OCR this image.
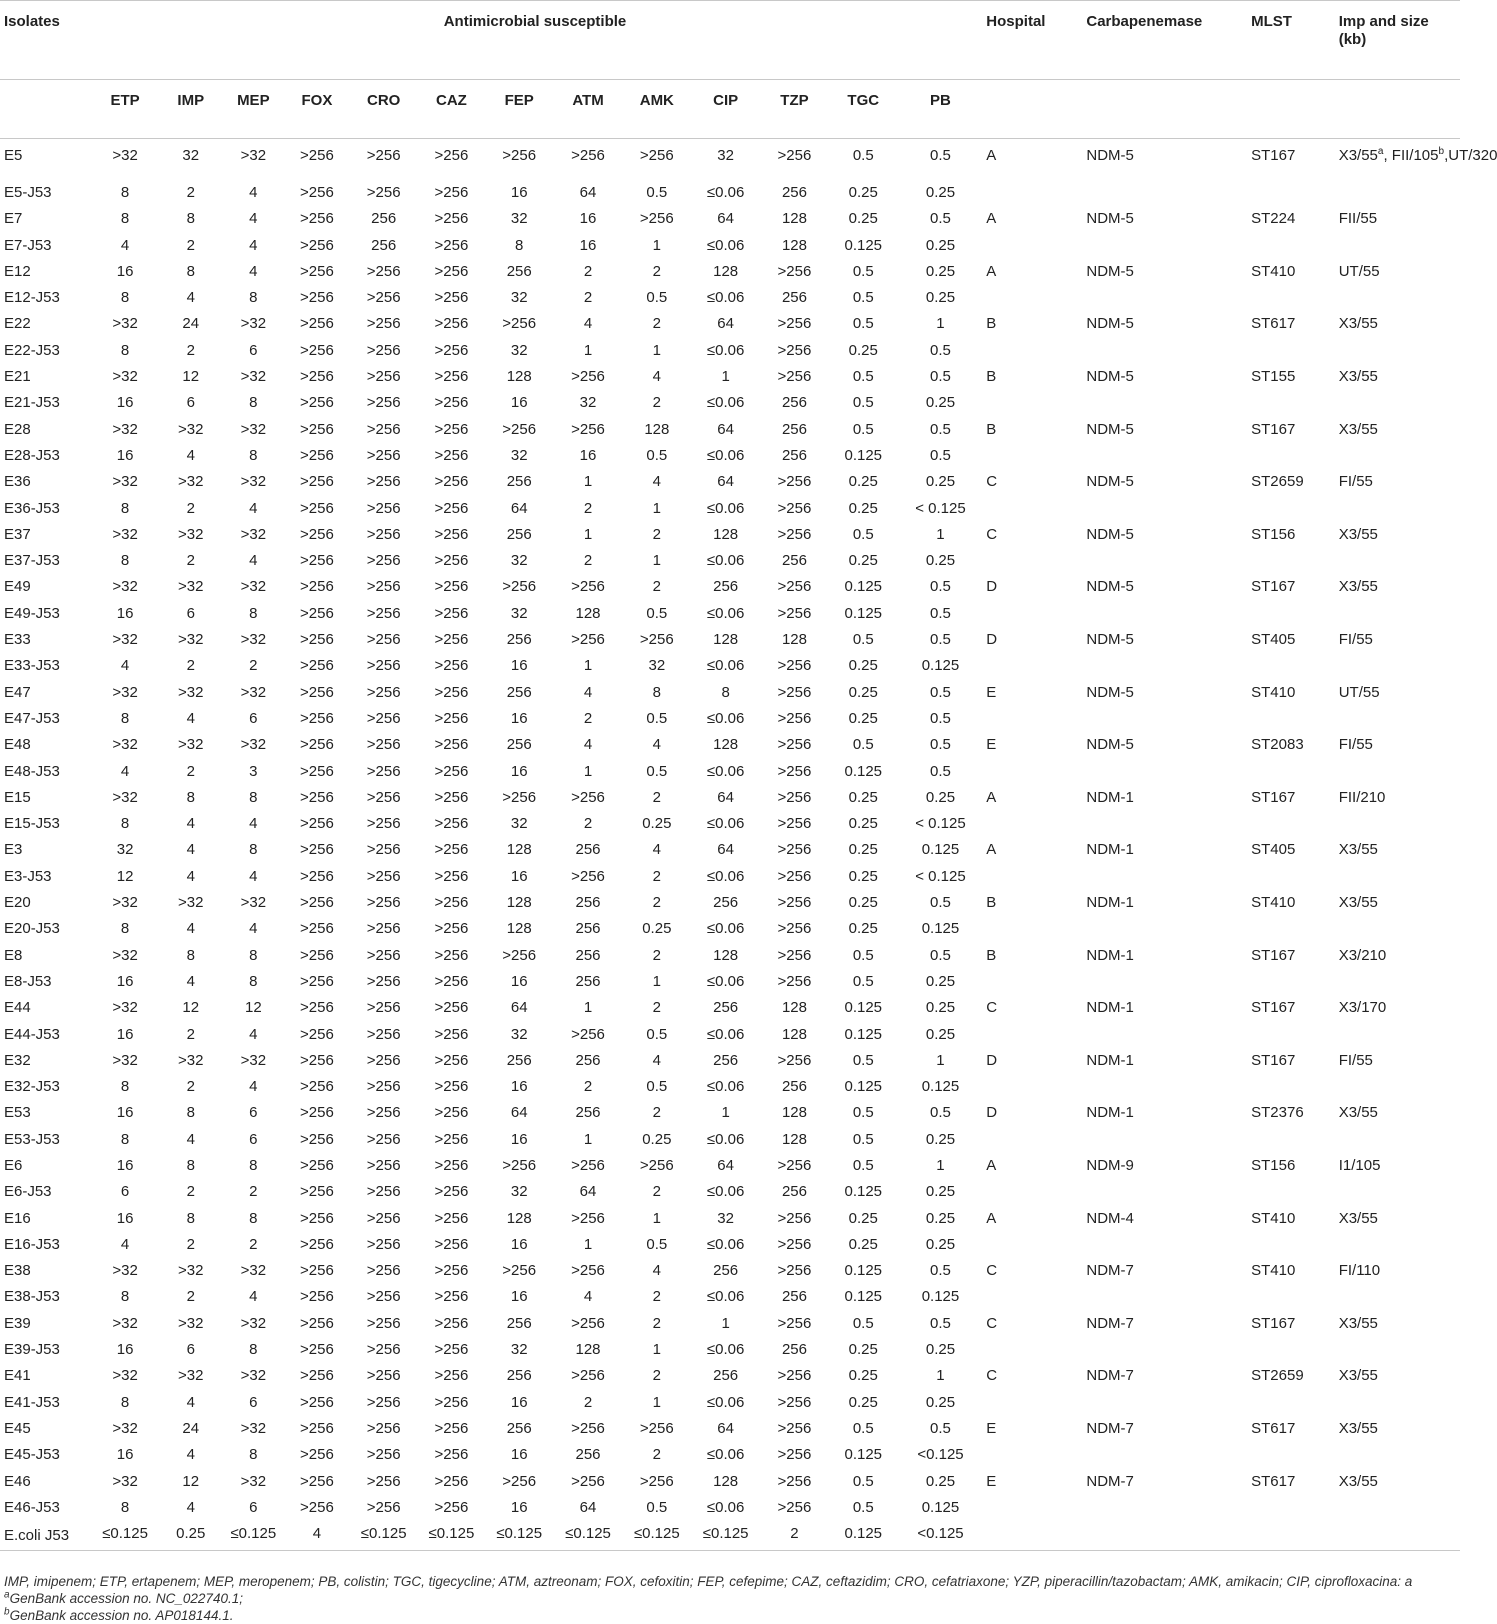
Isolates	Antimicrobial susceptible													Hospital	Carbapenemase	MLST	Imp and size
(kb)
	ETP	IMP	MEP	FOX	CRO	CAZ	FEP	ATM	AMK	CIP	TZP	TGC	PB				
E5	>32	32	>32	>256	>256	>256	>256	>256	>256	32	>256	0.5	0.5	A	NDM-5	ST167	X3/55$^a$, FII/105$^b$,UT/320
E5-J53	8	2	4	>256	>256	>256	16	64	0.5	≤0.06	256	0.25	0.25				
E7	8	8	4	>256	256	>256	32	16	>256	64	128	0.25	0.5	A	NDM-5	ST224	FII/55
E7-J53	4	2	4	>256	256	>256	8	16	1	≤0.06	128	0.125	0.25				
E12	16	8	4	>256	>256	>256	256	2	2	128	>256	0.5	0.25	A	NDM-5	ST410	UT/55
E12-J53	8	4	8	>256	>256	>256	32	2	0.5	≤0.06	256	0.5	0.25				
E22	>32	24	>32	>256	>256	>256	>256	4	2	64	>256	0.5	1	B	NDM-5	ST617	X3/55
E22-J53	8	2	6	>256	>256	>256	32	1	1	≤0.06	>256	0.25	0.5				
E21	>32	12	>32	>256	>256	>256	128	>256	4	1	>256	0.5	0.5	B	NDM-5	ST155	X3/55
E21-J53	16	6	8	>256	>256	>256	16	32	2	≤0.06	256	0.5	0.25				
E28	>32	>32	>32	>256	>256	>256	>256	>256	128	64	256	0.5	0.5	B	NDM-5	ST167	X3/55
E28-J53	16	4	8	>256	>256	>256	32	16	0.5	≤0.06	256	0.125	0.5				
E36	>32	>32	>32	>256	>256	>256	256	1	4	64	>256	0.25	0.25	C	NDM-5	ST2659	FI/55
E36-J53	8	2	4	>256	>256	>256	64	2	1	≤0.06	>256	0.25	< 0.125				
E37	>32	>32	>32	>256	>256	>256	256	1	2	128	>256	0.5	1	C	NDM-5	ST156	X3/55
E37-J53	8	2	4	>256	>256	>256	32	2	1	≤0.06	256	0.25	0.25				
E49	>32	>32	>32	>256	>256	>256	>256	>256	2	256	>256	0.125	0.5	D	NDM-5	ST167	X3/55
E49-J53	16	6	8	>256	>256	>256	32	128	0.5	≤0.06	>256	0.125	0.5				
E33	>32	>32	>32	>256	>256	>256	256	>256	>256	128	128	0.5	0.5	D	NDM-5	ST405	FI/55
E33-J53	4	2	2	>256	>256	>256	16	1	32	≤0.06	>256	0.25	0.125				
E47	>32	>32	>32	>256	>256	>256	256	4	8	8	>256	0.25	0.5	E	NDM-5	ST410	UT/55
E47-J53	8	4	6	>256	>256	>256	16	2	0.5	≤0.06	>256	0.25	0.5				
E48	>32	>32	>32	>256	>256	>256	256	4	4	128	>256	0.5	0.5	E	NDM-5	ST2083	FI/55
E48-J53	4	2	3	>256	>256	>256	16	1	0.5	≤0.06	>256	0.125	0.5				
E15	>32	8	8	>256	>256	>256	>256	>256	2	64	>256	0.25	0.25	A	NDM-1	ST167	FII/210
E15-J53	8	4	4	>256	>256	>256	32	2	0.25	≤0.06	>256	0.25	< 0.125				
E3	32	4	8	>256	>256	>256	128	256	4	64	>256	0.25	0.125	A	NDM-1	ST405	X3/55
E3-J53	12	4	4	>256	>256	>256	16	>256	2	≤0.06	>256	0.25	< 0.125				
E20	>32	>32	>32	>256	>256	>256	128	256	2	256	>256	0.25	0.5	B	NDM-1	ST410	X3/55
E20-J53	8	4	4	>256	>256	>256	128	256	0.25	≤0.06	>256	0.25	0.125				
E8	>32	8	8	>256	>256	>256	>256	256	2	128	>256	0.5	0.5	B	NDM-1	ST167	X3/210
E8-J53	16	4	8	>256	>256	>256	16	256	1	≤0.06	>256	0.5	0.25				
E44	>32	12	12	>256	>256	>256	64	1	2	256	128	0.125	0.25	C	NDM-1	ST167	X3/170
E44-J53	16	2	4	>256	>256	>256	32	>256	0.5	≤0.06	128	0.125	0.25				
E32	>32	>32	>32	>256	>256	>256	256	256	4	256	>256	0.5	1	D	NDM-1	ST167	FI/55
E32-J53	8	2	4	>256	>256	>256	16	2	0.5	≤0.06	256	0.125	0.125				
E53	16	8	6	>256	>256	>256	64	256	2	1	128	0.5	0.5	D	NDM-1	ST2376	X3/55
E53-J53	8	4	6	>256	>256	>256	16	1	0.25	≤0.06	128	0.5	0.25				
E6	16	8	8	>256	>256	>256	>256	>256	>256	64	>256	0.5	1	A	NDM-9	ST156	I1/105
E6-J53	6	2	2	>256	>256	>256	32	64	2	≤0.06	256	0.125	0.25				
E16	16	8	8	>256	>256	>256	128	>256	1	32	>256	0.25	0.25	A	NDM-4	ST410	X3/55
E16-J53	4	2	2	>256	>256	>256	16	1	0.5	≤0.06	>256	0.25	0.25				
E38	>32	>32	>32	>256	>256	>256	>256	>256	4	256	>256	0.125	0.5	C	NDM-7	ST410	FI/110
E38-J53	8	2	4	>256	>256	>256	16	4	2	≤0.06	256	0.125	0.125				
E39	>32	>32	>32	>256	>256	>256	256	>256	2	1	>256	0.5	0.5	C	NDM-7	ST167	X3/55
E39-J53	16	6	8	>256	>256	>256	32	128	1	≤0.06	256	0.25	0.25				
E41	>32	>32	>32	>256	>256	>256	256	>256	2	256	>256	0.25	1	C	NDM-7	ST2659	X3/55
E41-J53	8	4	6	>256	>256	>256	16	2	1	≤0.06	>256	0.25	0.25				
E45	>32	24	>32	>256	>256	>256	256	>256	>256	64	>256	0.5	0.5	E	NDM-7	ST617	X3/55
E45-J53	16	4	8	>256	>256	>256	16	256	2	≤0.06	>256	0.125	<0.125				
E46	>32	12	>32	>256	>256	>256	>256	>256	>256	128	>256	0.5	0.25	E	NDM-7	ST617	X3/55
E46-J53	8	4	6	>256	>256	>256	16	64	0.5	≤0.06	>256	0.5	0.125				
E.coli J53	≤0.125	0.25	≤0.125	4	≤0.125	≤0.125	≤0.125	≤0.125	≤0.125	≤0.125	2	0.125	<0.125				
IMP, imipenem; ETP, ertapenem; MEP, meropenem; PB, colistin; TGC, tigecycline; ATM, aztreonam; FOX, cefoxitin; FEP, cefepime; CAZ, ceftazidim; CRO, cefatriaxone; YZP, piperacillin/tazobactam; AMK, amikacin; CIP, ciprofloxacina: a
$^a$GenBank accession no. NC_022740.1;
$^b$GenBank accession no. AP018144.1.
